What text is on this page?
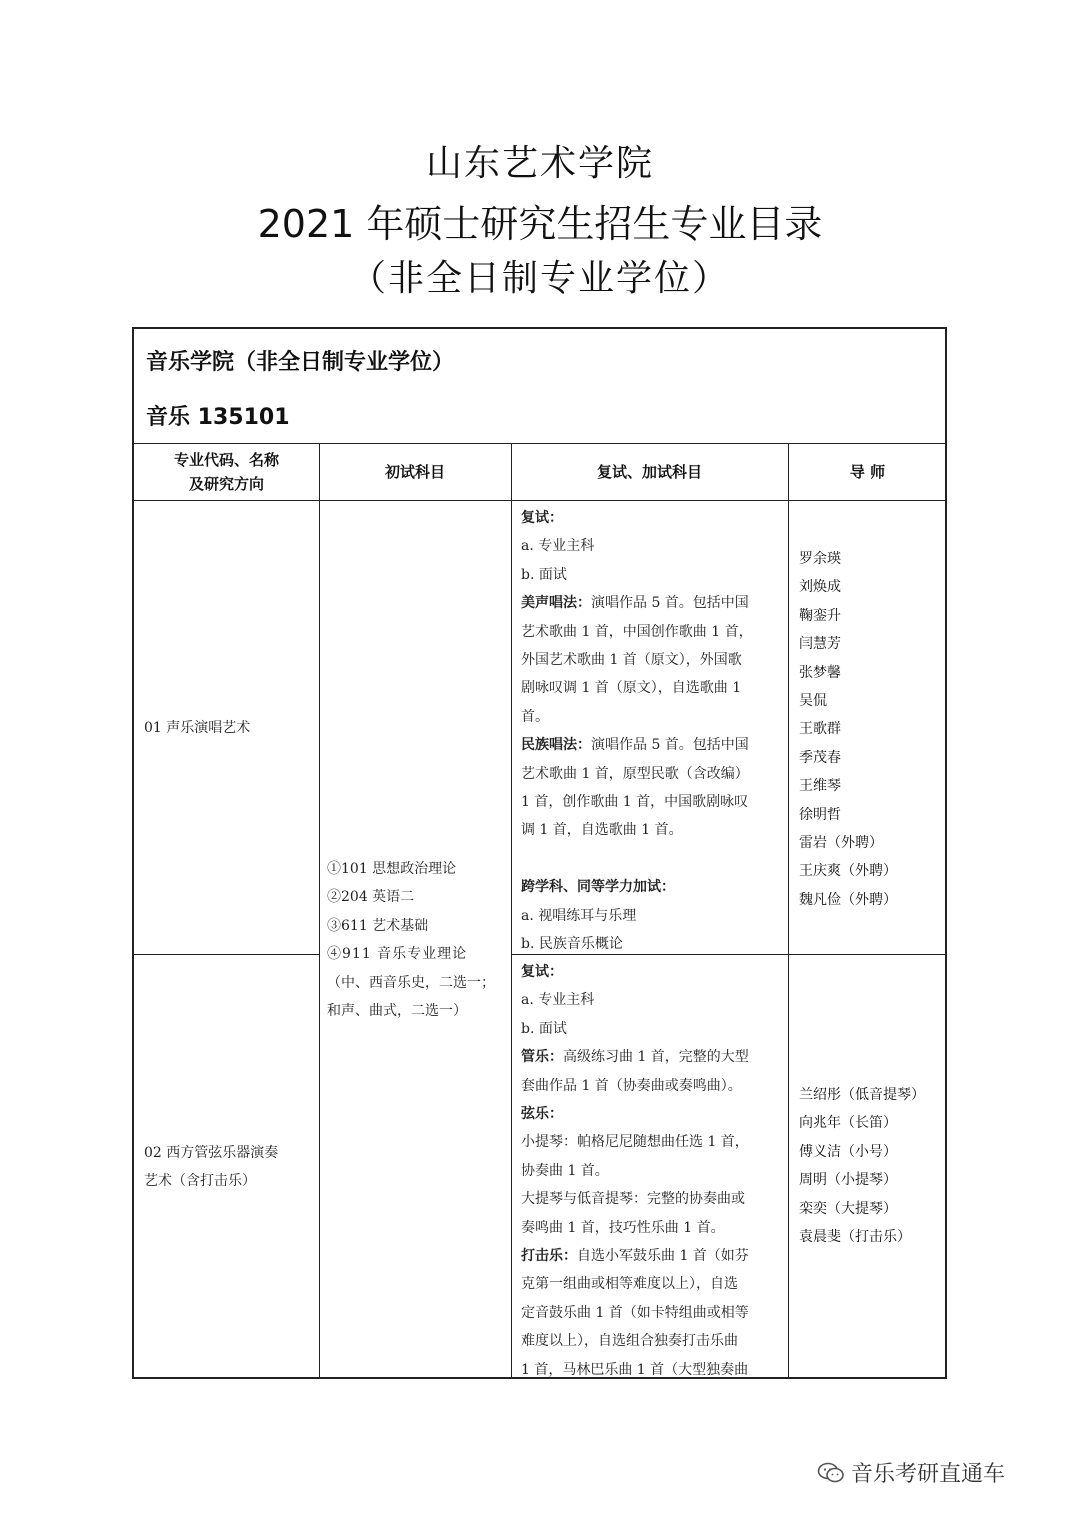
山东艺术学院
2021 年硕士研究生招生专业目录
（非全日制专业学位）
音乐学院（非全日制专业学位）
音乐 135101
专业代码、名称
及研究方向
初试科目	复试、加试科目	导 师
01 声乐演唱艺术
①101 思想政治理论
②204 英语二
③611 艺术基础
④911 音乐专业理论
（中、西音乐史，二选一；
和声、曲式，二选一）
复试：
a. 专业主科
b. 面试
美声唱法：演唱作品 5 首。包括中国
艺术歌曲 1 首，中国创作歌曲 1 首，
外国艺术歌曲 1 首（原文），外国歌
剧咏叹调 1 首（原文），自选歌曲 1
首。
民族唱法：演唱作品 5 首。包括中国
艺术歌曲 1 首，原型民歌（含改编）
1 首，创作歌曲 1 首，中国歌剧咏叹
调 1 首，自选歌曲 1 首。
跨学科、同等学力加试：
a. 视唱练耳与乐理
b. 民族音乐概论
罗余瑛
刘焕成
鞠銮升
闫慧芳
张梦馨
吴侃
王歌群
季茂春
王维琴
徐明哲
雷岩（外聘）
王庆爽（外聘）
魏凡俭（外聘）
02 西方管弦乐器演奏
艺术（含打击乐）
复试：
a. 专业主科
b. 面试
管乐：高级练习曲 1 首，完整的大型
套曲作品 1 首（协奏曲或奏鸣曲）。
弦乐：
小提琴：帕格尼尼随想曲任选 1 首，
协奏曲 1 首。
大提琴与低音提琴：完整的协奏曲或
奏鸣曲 1 首，技巧性乐曲 1 首。
打击乐：自选小军鼓乐曲 1 首（如芬
克第一组曲或相等难度以上），自选
定音鼓乐曲 1 首（如卡特组曲或相等
难度以上），自选组合独奏打击乐曲
1 首，马林巴乐曲 1 首（大型独奏曲
兰绍彤（低音提琴）
向兆年（长笛）
傅义洁（小号）
周明（小提琴）
栾奕（大提琴）
袁晨斐（打击乐）
音乐考研直通车
